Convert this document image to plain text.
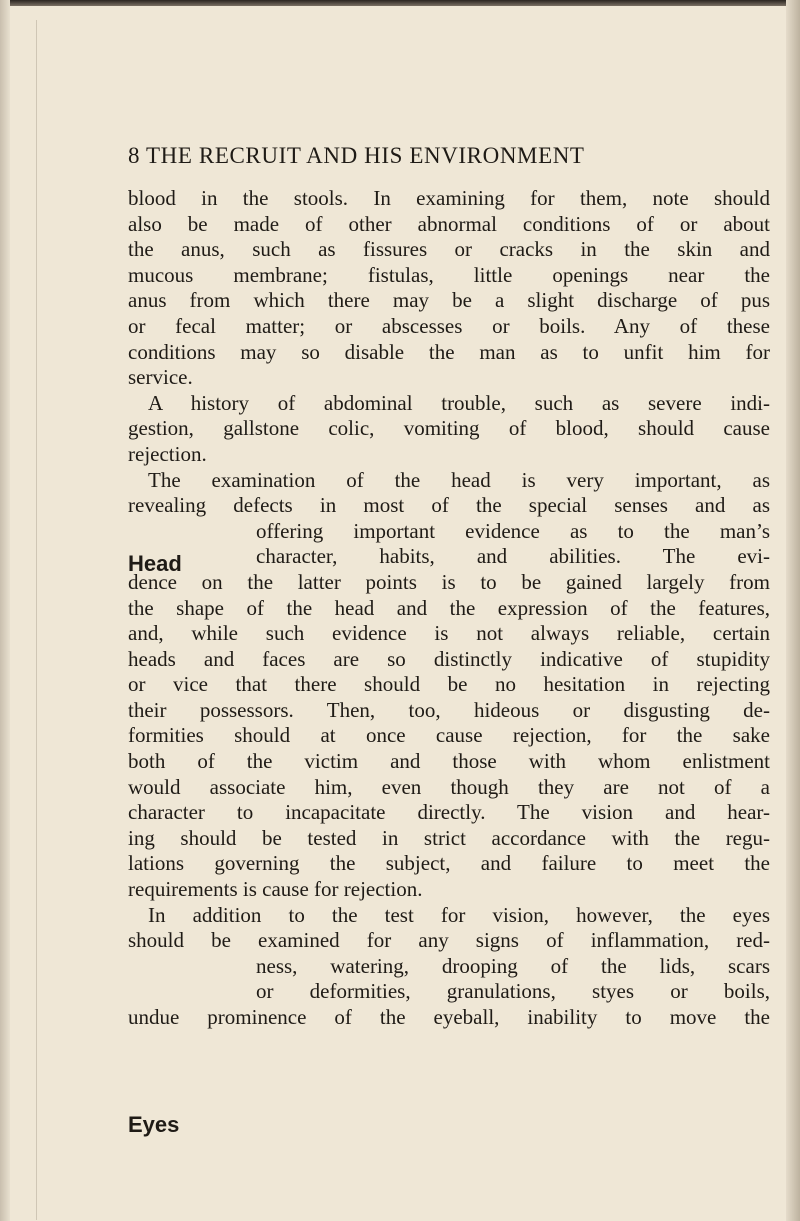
8 THE RECRUIT AND HIS ENVIRONMENT
Head
Eyes
blood in the stools. In examining for them, note should
also be made of other abnormal conditions of or about
the anus, such as fissures or cracks in the skin and
mucous membrane; fistulas, little openings near the
anus from which there may be a slight discharge of pus
or fecal matter; or abscesses or boils. Any of these
conditions may so disable the man as to unfit him for
service.
A history of abdominal trouble, such as severe indi-
gestion, gallstone colic, vomiting of blood, should cause
rejection.
The examination of the head is very important, as
revealing defects in most of the special senses and as
offering important evidence as to the man’s
character, habits, and abilities. The evi-
dence on the latter points is to be gained largely from
the shape of the head and the expression of the features,
and, while such evidence is not always reliable, certain
heads and faces are so distinctly indicative of stupidity
or vice that there should be no hesitation in rejecting
their possessors. Then, too, hideous or disgusting de-
formities should at once cause rejection, for the sake
both of the victim and those with whom enlistment
would associate him, even though they are not of a
character to incapacitate directly. The vision and hear-
ing should be tested in strict accordance with the regu-
lations governing the subject, and failure to meet the
requirements is cause for rejection.
In addition to the test for vision, however, the eyes
should be examined for any signs of inflammation, red-
ness, watering, drooping of the lids, scars
or deformities, granulations, styes or boils,
undue prominence of the eyeball, inability to move the
